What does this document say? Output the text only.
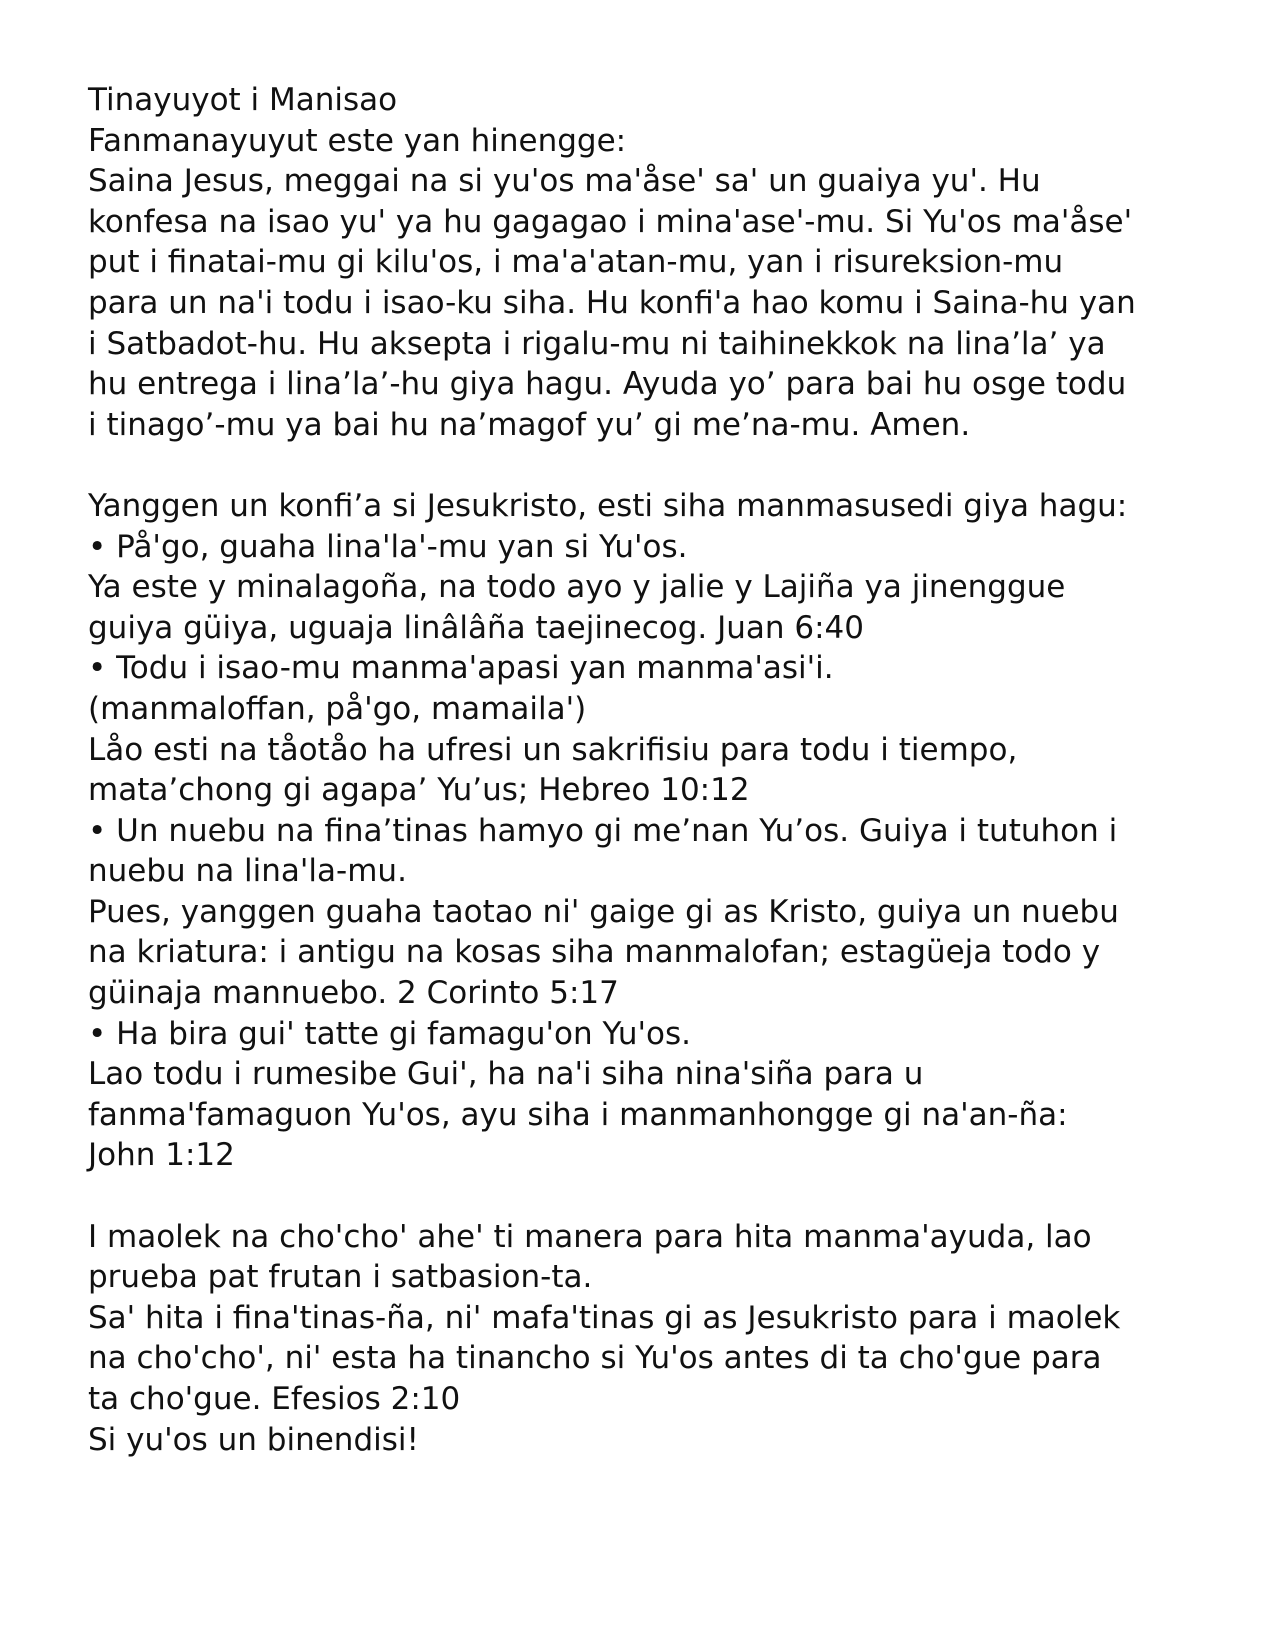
Tinayuyot i Manisao

Fanmanayuyut este yan hinengge:

Saina Jesus, meggai na si yu'os ma'åse' sa' un guaiya yu'. Hu

konfesa na isao yu' ya hu gagagao i mina'ase'-mu. Si Yu'os ma'åse'

put i finatai-mu gi kilu'os, i ma'a'atan-mu, yan i risureksion-mu

para un na'i todu i isao-ku siha. Hu konfi'a hao komu i Saina-hu yan

i Satbadot-hu. Hu aksepta i rigalu-mu ni taihinekkok na lina’la’ ya

hu entrega i lina’la’-hu giya hagu. Ayuda yo’ para bai hu osge todu

i tinago’-mu ya bai hu na’magof yu’ gi me’na-mu. Amen.

Yanggen un konfi’a si Jesukristo, esti siha manmasusedi giya hagu:

• På'go, guaha lina'la'-mu yan si Yu'os.

Ya este y minalagoña, na todo ayo y jalie y Lajiña ya jinenggue

guiya güiya, uguaja linâlâña taejinecog. Juan 6:40

• Todu i isao-mu manma'apasi yan manma'asi'i.

(manmaloffan, på'go, mamaila')

Låo esti na tåotåo ha ufresi un sakrifisiu para todu i tiempo,

mata’chong gi agapa’ Yu’us; Hebreo 10:12

• Un nuebu na fina’tinas hamyo gi me’nan Yu’os. Guiya i tutuhon i

nuebu na lina'la-mu.

Pues, yanggen guaha taotao ni' gaige gi as Kristo, guiya un nuebu

na kriatura: i antigu na kosas siha manmalofan; estagüeja todo y

güinaja mannuebo. 2 Corinto 5:17

• Ha bira gui' tatte gi famagu'on Yu'os.

Lao todu i rumesibe Gui', ha na'i siha nina'siña para u

fanma'famaguon Yu'os, ayu siha i manmanhongge gi na'an-ña:

John 1:12

I maolek na cho'cho' ahe' ti manera para hita manma'ayuda, lao

prueba pat frutan i satbasion-ta.

Sa' hita i fina'tinas-ña, ni' mafa'tinas gi as Jesukristo para i maolek

na cho'cho', ni' esta ha tinancho si Yu'os antes di ta cho'gue para

ta cho'gue. Efesios 2:10

Si yu'os un binendisi!
